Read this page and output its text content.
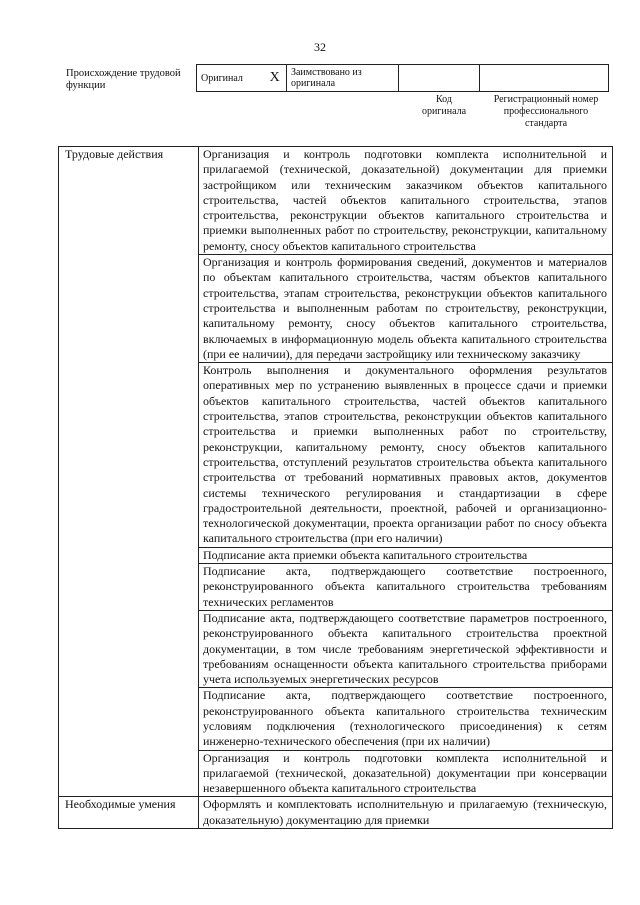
32
Происхождение трудовой функции
Оригинал	X	Заимствовано из оригинала		
Код оригинала
Регистрационный номер профессионального стандарта
Трудовые действия	Организация и контроль подготовки комплекта исполнительной и прилагаемой (технической, доказательной) документации для приемки застройщиком или техническим заказчиком объектов капитального строительства, частей объектов капитального строительства, этапов строительства, реконструкции объектов капитального строительства и приемки выполненных работ по строительству, реконструкции, капитальному ремонту, сносу объектов капитального строительства
	Организация и контроль формирования сведений, документов и материалов по объектам капитального строительства, частям объектов капитального строительства, этапам строительства, реконструкции объектов капитального строительства и выполненным работам по строительству, реконструкции, капитальному ремонту, сносу объектов капитального строительства, включаемых в информационную модель объекта капитального строительства (при ее наличии), для передачи застройщику или техническому заказчику
	Контроль выполнения и документального оформления результатов оперативных мер по устранению выявленных в процессе сдачи и приемки объектов капитального строительства, частей объектов капитального строительства, этапов строительства, реконструкции объектов капитального строительства и приемки выполненных работ по строительству, реконструкции, капитальному ремонту, сносу объектов капитального строительства, отступлений результатов строительства объекта капитального строительства от требований нормативных правовых актов, документов системы технического регулирования и стандартизации в сфере градостроительной деятельности, проектной, рабочей и организационно-технологической документации, проекта организации работ по сносу объекта капитального строительства (при его наличии)
	Подписание акта приемки объекта капитального строительства
	Подписание акта, подтверждающего соответствие построенного, реконструированного объекта капитального строительства требованиям технических регламентов
	Подписание акта, подтверждающего соответствие параметров построенного, реконструированного объекта капитального строительства проектной документации, в том числе требованиям энергетической эффективности и требованиям оснащенности объекта капитального строительства приборами учета используемых энергетических ресурсов
	Подписание акта, подтверждающего соответствие построенного, реконструированного объекта капитального строительства техническим условиям подключения (технологического присоединения) к сетям инженерно-технического обеспечения (при их наличии)
	Организация и контроль подготовки комплекта исполнительной и прилагаемой (технической, доказательной) документации при консервации незавершенного объекта капитального строительства
Необходимые умения	Оформлять и комплектовать исполнительную и прилагаемую (техническую, доказательную) документацию для приемки
